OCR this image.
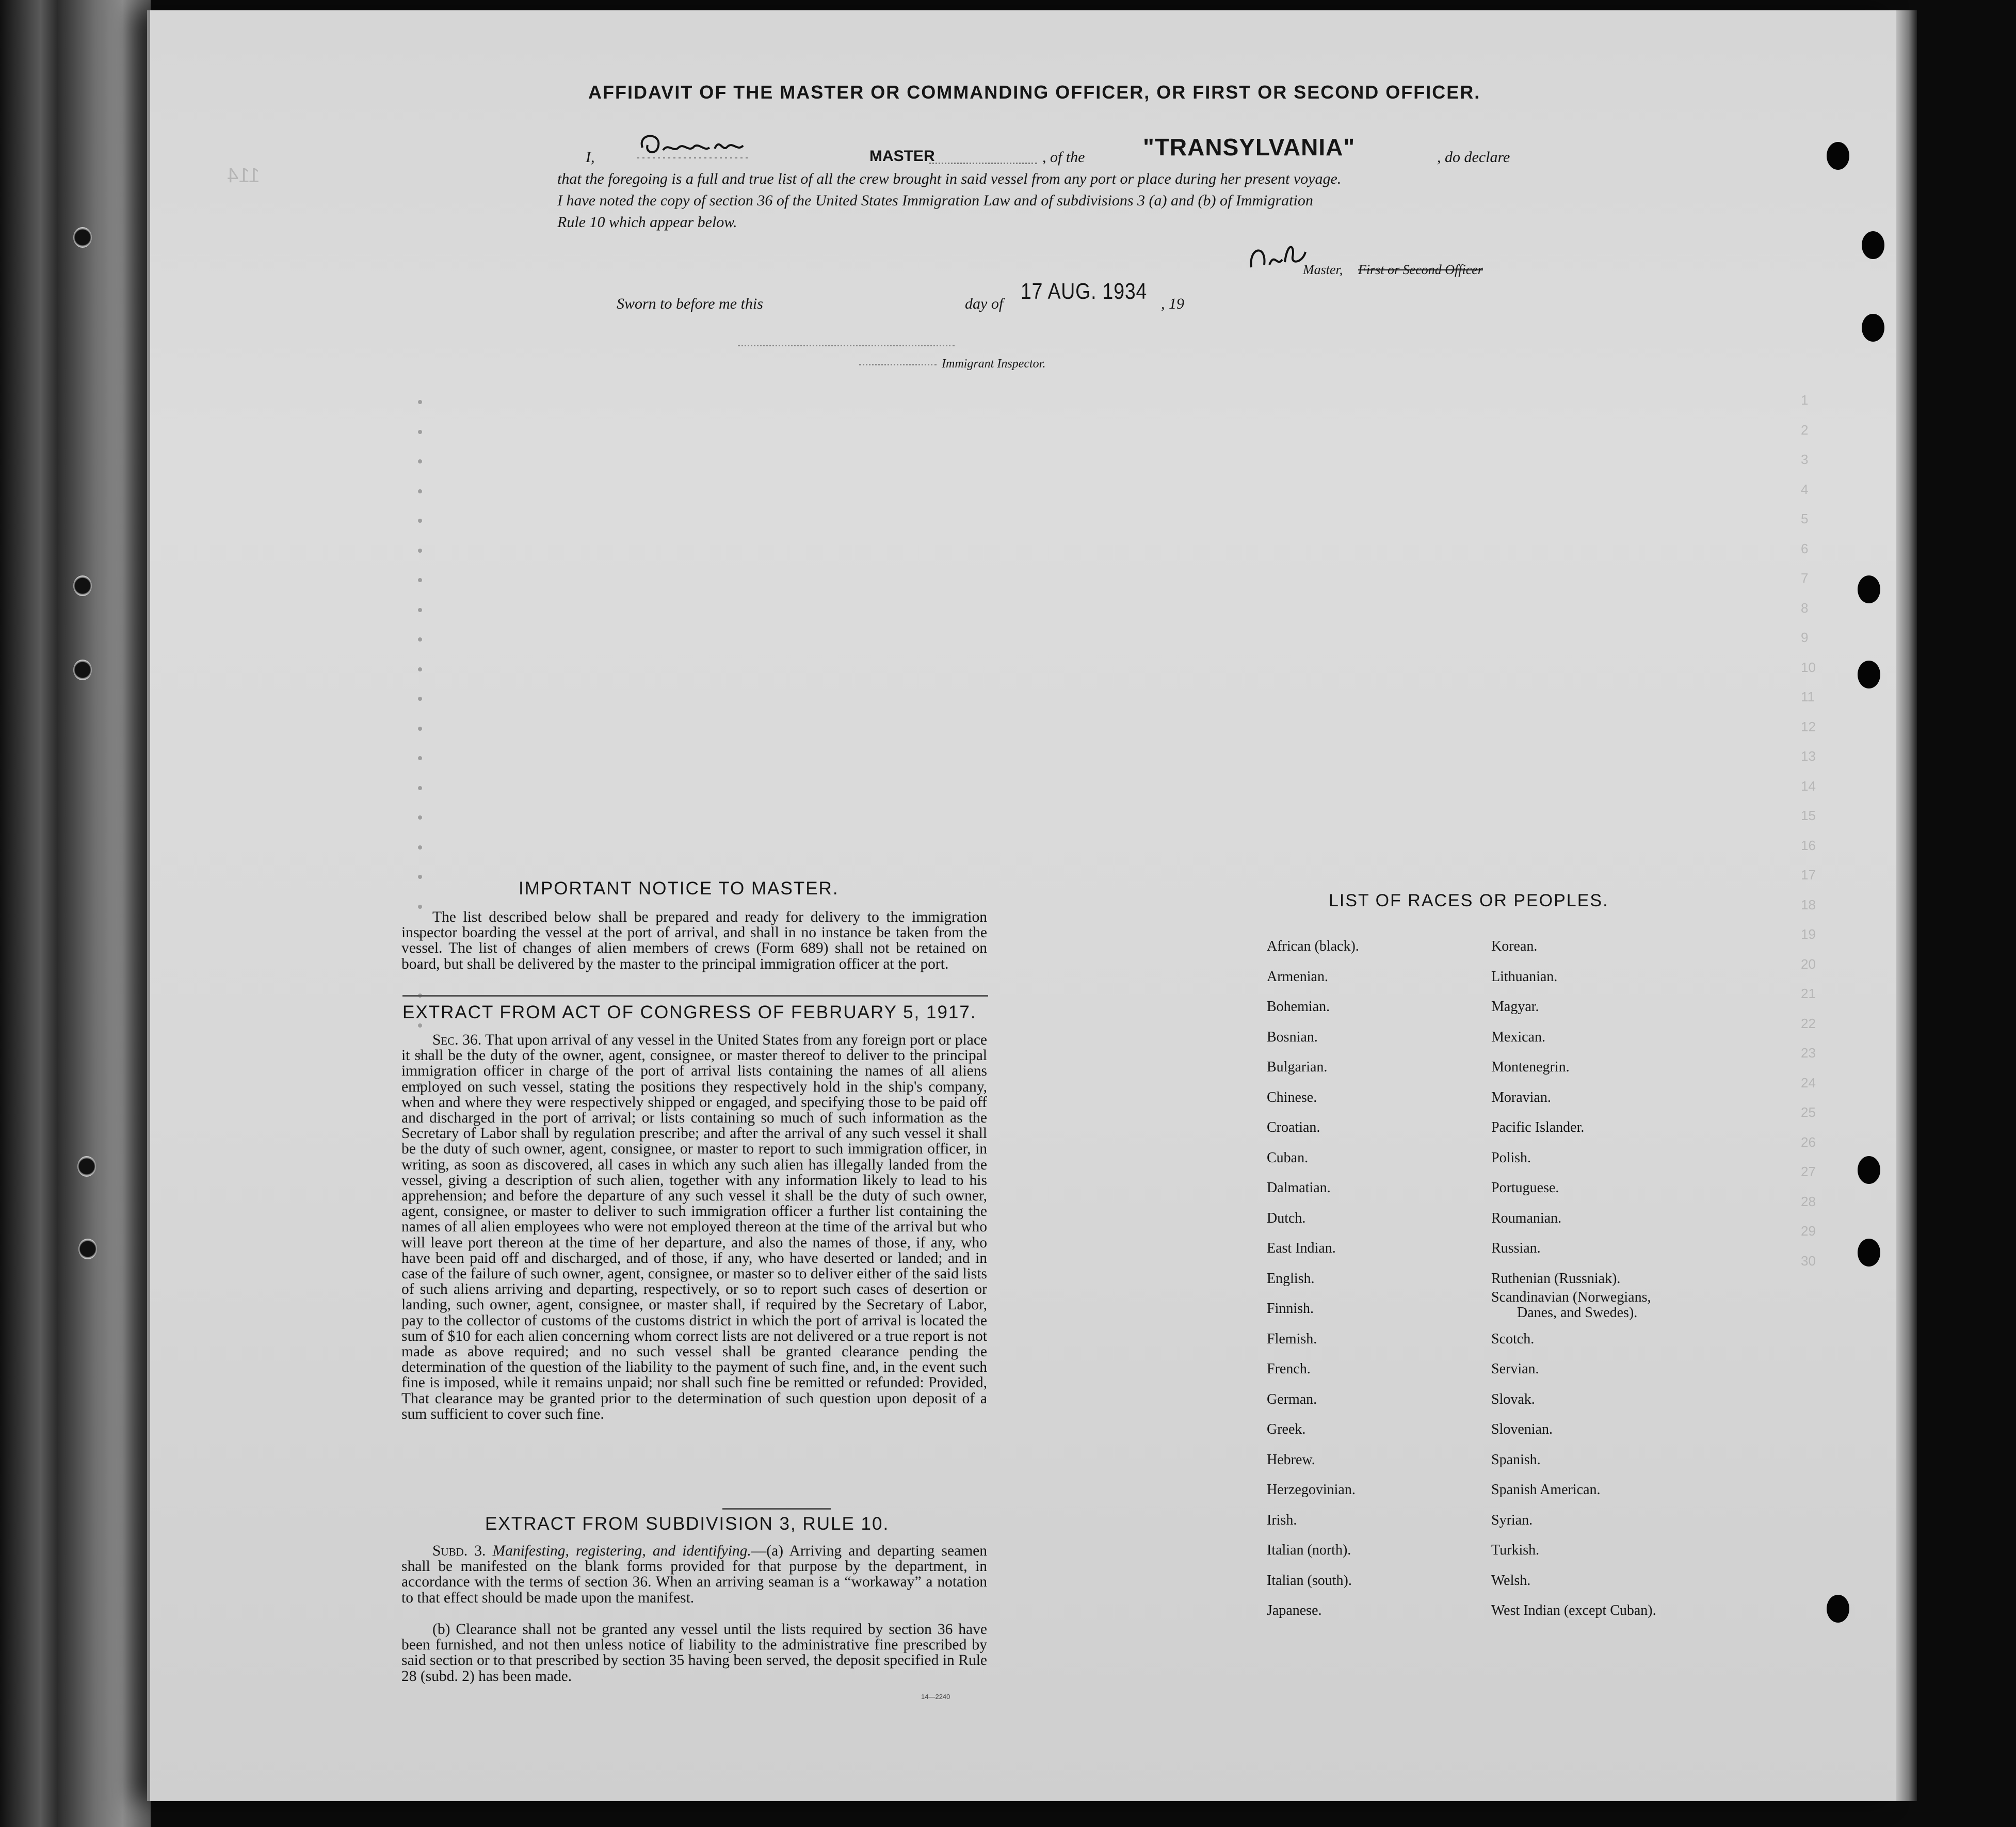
114
AFFIDAVIT OF THE MASTER OR COMMANDING OFFICER, OR FIRST OR SECOND OFFICER.
I,	MASTER	, of the "TRANSYLVANIA"	, do declare
that the foregoing is a full and true list of all the crew brought in said vessel from any port or place during her present voyage.
I have noted the copy of section 36 of the United States Immigration Law and of subdivisions 3 (a) and (b) of Immigration
Rule 10 which appear below.
Master, First or Second Officer
Sworn to before me this	day of 17 AUG. 1934 , 19
Immigrant Inspector.
IMPORTANT NOTICE TO MASTER.
The list described below shall be prepared and ready for delivery to the immigration inspector boarding the vessel at the port of arrival, and shall in no instance be taken from the vessel. The list of changes of alien members of crews (Form 689) shall not be retained on board, but shall be delivered by the master to the principal immigration officer at the port.
EXTRACT FROM ACT OF CONGRESS OF FEBRUARY 5, 1917.
Sec. 36. That upon arrival of any vessel in the United States from any foreign port or place it shall be the duty of the owner, agent, consignee, or master thereof to deliver to the principal immigration officer in charge of the port of arrival lists containing the names of all aliens employed on such vessel, stating the positions they respectively hold in the ship's company, when and where they were respectively shipped or engaged, and specifying those to be paid off and discharged in the port of arrival; or lists containing so much of such information as the Secretary of Labor shall by regulation prescribe; and after the arrival of any such vessel it shall be the duty of such owner, agent, consignee, or master to report to such immigration officer, in writing, as soon as discovered, all cases in which any such alien has illegally landed from the vessel, giving a description of such alien, together with any information likely to lead to his apprehension; and before the departure of any such vessel it shall be the duty of such owner, agent, consignee, or master to deliver to such immigration officer a further list containing the names of all alien employees who were not employed thereon at the time of the arrival but who will leave port thereon at the time of her departure, and also the names of those, if any, who have been paid off and discharged, and of those, if any, who have deserted or landed; and in case of the failure of such owner, agent, consignee, or master so to deliver either of the said lists of such aliens arriving and departing, respectively, or so to report such cases of desertion or landing, such owner, agent, consignee, or master shall, if required by the Secretary of Labor, pay to the collector of customs of the customs district in which the port of arrival is located the sum of $10 for each alien concerning whom correct lists are not delivered or a true report is not made as above required; and no such vessel shall be granted clearance pending the determination of the question of the liability to the payment of such fine, and, in the event such fine is imposed, while it remains unpaid; nor shall such fine be remitted or refunded: Provided, That clearance may be granted prior to the determination of such question upon deposit of a sum sufficient to cover such fine.
EXTRACT FROM SUBDIVISION 3, RULE 10.
Subd. 3. Manifesting, registering, and identifying.—(a) Arriving and departing seamen shall be manifested on the blank forms provided for that purpose by the department, in accordance with the terms of section 36. When an arriving seaman is a “workaway” a notation to that effect should be made upon the manifest.
(b) Clearance shall not be granted any vessel until the lists required by section 36 have been furnished, and not then unless notice of liability to the administrative fine prescribed by said section or to that prescribed by section 35 having been served, the deposit specified in Rule 28 (subd. 2) has been made.
14—2240
LIST OF RACES OR PEOPLES.
African (black).
Armenian.
Bohemian.
Bosnian.
Bulgarian.
Chinese.
Croatian.
Cuban.
Dalmatian.
Dutch.
East Indian.
English.
Finnish.
Flemish.
French.
German.
Greek.
Hebrew.
Herzegovinian.
Irish.
Italian (north).
Italian (south).
Japanese.
Korean.
Lithuanian.
Magyar.
Mexican.
Montenegrin.
Moravian.
Pacific Islander.
Polish.
Portuguese.
Roumanian.
Russian.
Ruthenian (Russniak).
Scandinavian (Norwegians,
Danes, and Swedes).
Scotch.
Servian.
Slovak.
Slovenian.
Spanish.
Spanish American.
Syrian.
Turkish.
Welsh.
West Indian (except Cuban).
1
2
3
4
5
6
7
8
9
10
11
12
13
14
15
16
17
18
19
20
21
22
23
24
25
26
27
28
29
30
